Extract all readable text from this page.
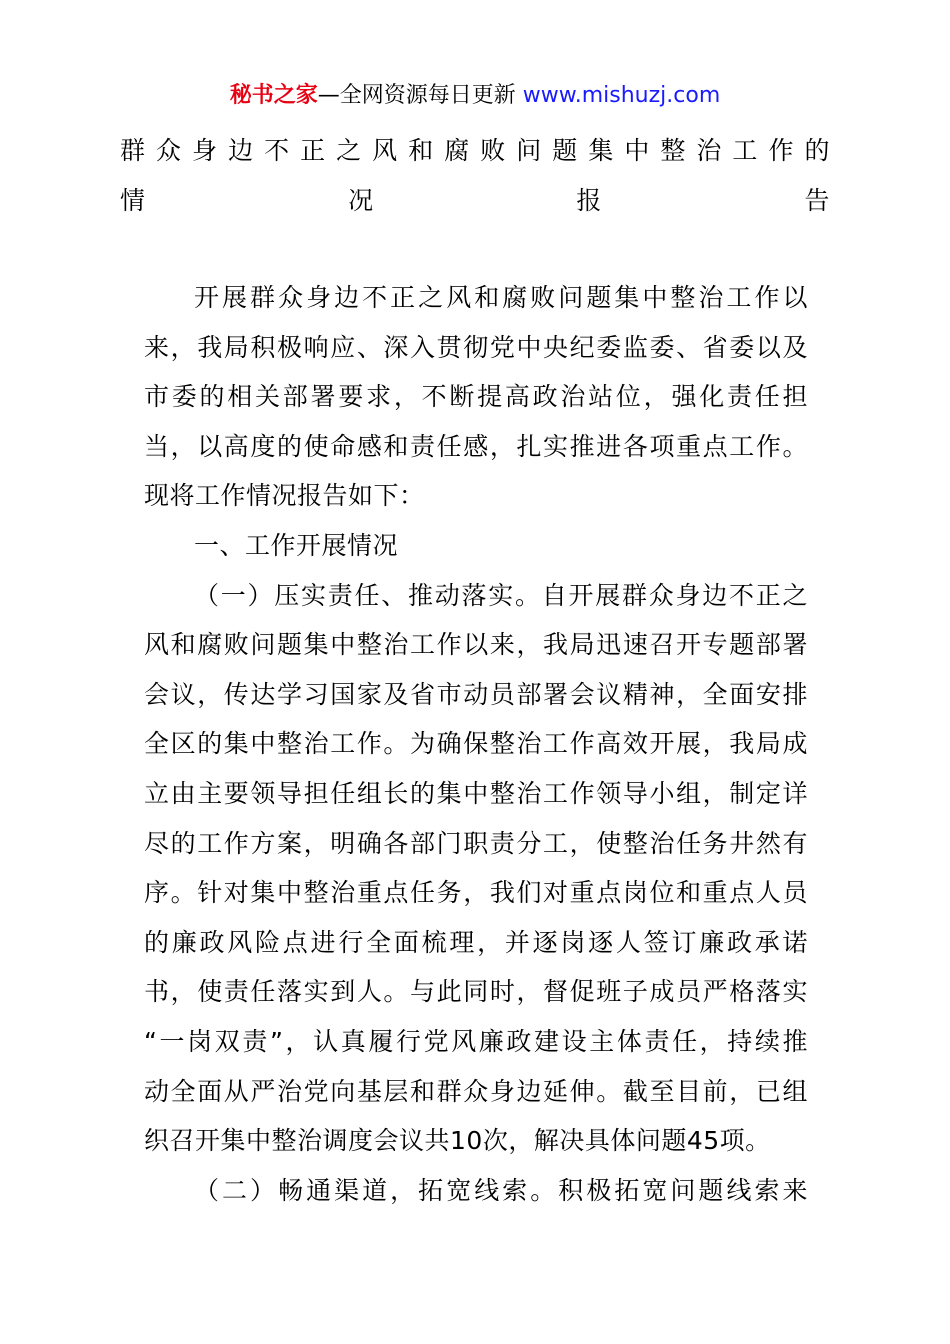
秘书之家—全网资源每日更新 www.mishuzj.com
群众身边不正之风和腐败问题集中整治工作的
情况报告
开展群众身边不正之风和腐败问题集中整治工作以
来，我局积极响应、深入贯彻党中央纪委监委、省委以及
市委的相关部署要求，不断提高政治站位，强化责任担
当，以高度的使命感和责任感，扎实推进各项重点工作。
现将工作情况报告如下：
一、工作开展情况
（一）压实责任、推动落实。自开展群众身边不正之
风和腐败问题集中整治工作以来，我局迅速召开专题部署
会议，传达学习国家及省市动员部署会议精神，全面安排
全区的集中整治工作。为确保整治工作高效开展，我局成
立由主要领导担任组长的集中整治工作领导小组，制定详
尽的工作方案，明确各部门职责分工，使整治任务井然有
序。针对集中整治重点任务，我们对重点岗位和重点人员
的廉政风险点进行全面梳理，并逐岗逐人签订廉政承诺
书，使责任落实到人。与此同时，督促班子成员严格落实
“一岗双责”，认真履行党风廉政建设主体责任，持续推
动全面从严治党向基层和群众身边延伸。截至目前，已组
织召开集中整治调度会议共10次，解决具体问题45项。
（二）畅通渠道，拓宽线索。积极拓宽问题线索来
